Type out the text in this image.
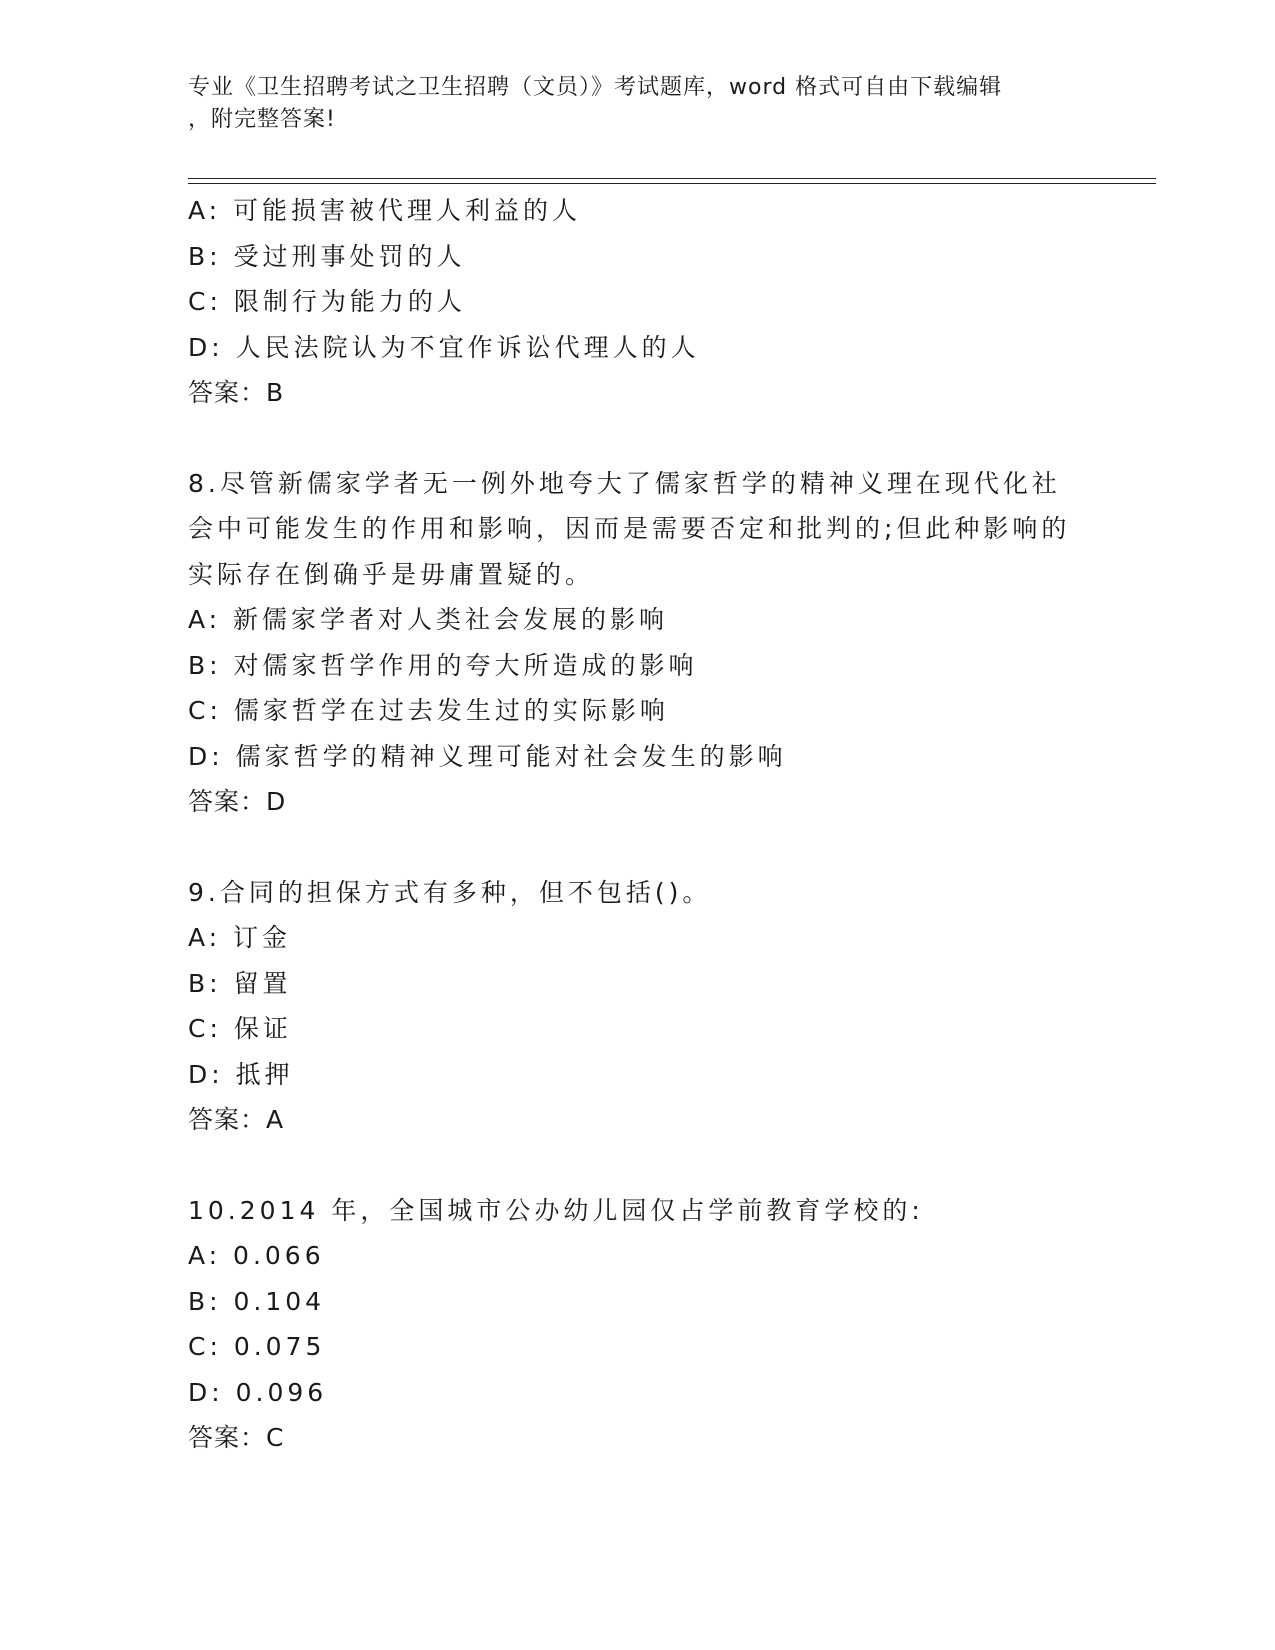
专业《卫生招聘考试之卫生招聘（文员）》考试题库，word 格式可自由下载编辑
，附完整答案!
A: 可能损害被代理人利益的人
B: 受过刑事处罚的人
C: 限制行为能力的人
D: 人民法院认为不宜作诉讼代理人的人
答案：B
8.尽管新儒家学者无一例外地夸大了儒家哲学的精神义理在现代化社
会中可能发生的作用和影响，因而是需要否定和批判的;但此种影响的
实际存在倒确乎是毋庸置疑的。
A: 新儒家学者对人类社会发展的影响
B: 对儒家哲学作用的夸大所造成的影响
C: 儒家哲学在过去发生过的实际影响
D: 儒家哲学的精神义理可能对社会发生的影响
答案：D
9.合同的担保方式有多种，但不包括()。
A: 订金
B: 留置
C: 保证
D: 抵押
答案：A
10.2014 年，全国城市公办幼儿园仅占学前教育学校的:
A: 0.066
B: 0.104
C: 0.075
D: 0.096
答案：C
